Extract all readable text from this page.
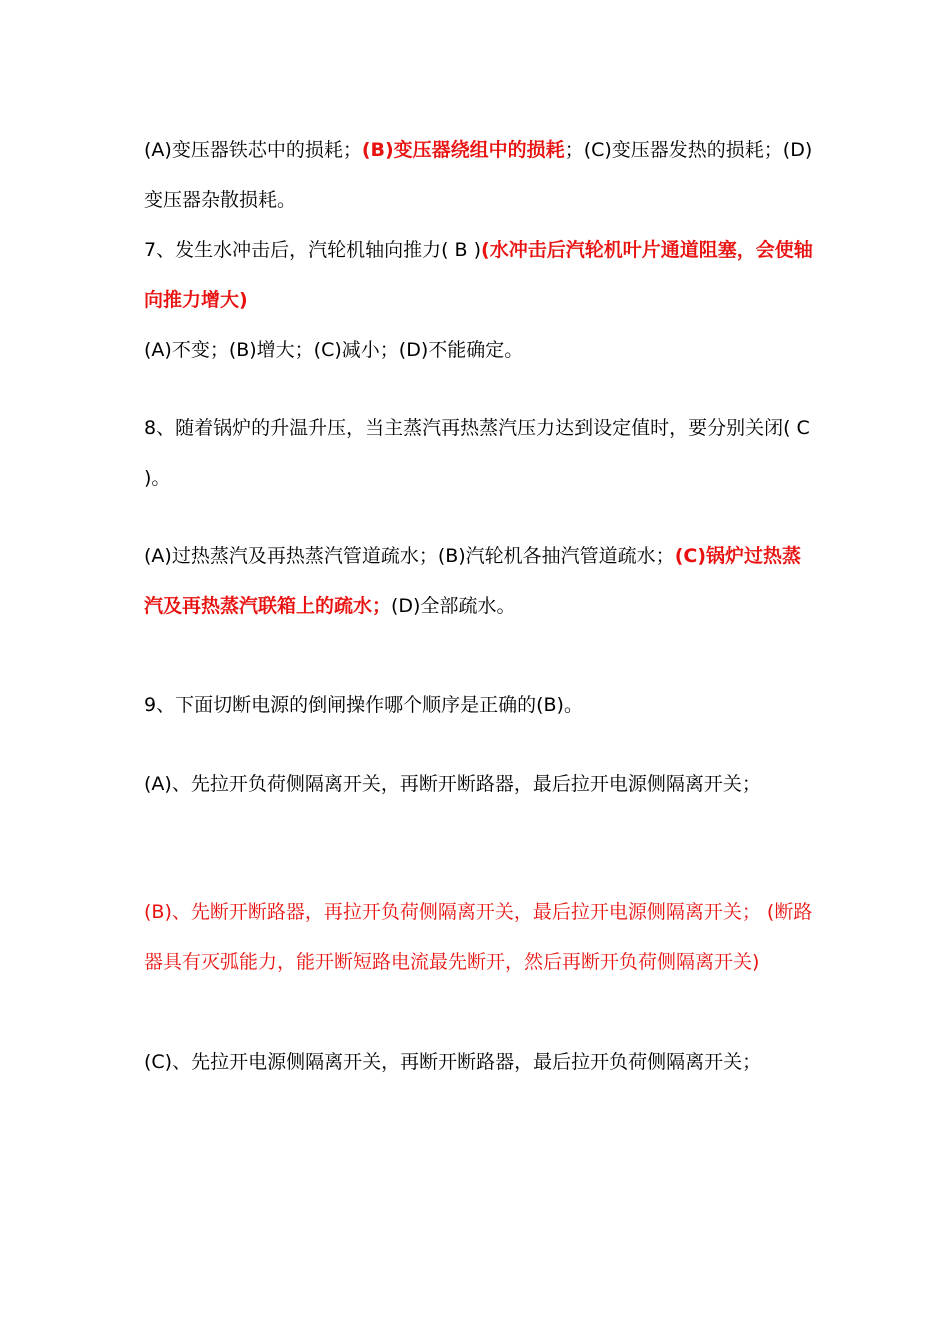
(A)变压器铁芯中的损耗；(B)变压器绕组中的损耗；(C)变压器发热的损耗；(D)变压器杂散损耗。

7、发生水冲击后，汽轮机轴向推力( B )(水冲击后汽轮机叶片通道阻塞，会使轴向推力增大)

(A)不变；(B)增大；(C)减小；(D)不能确定。

8、随着锅炉的升温升压，当主蒸汽再热蒸汽压力达到设定值时，要分别关闭( C )。

(A)过热蒸汽及再热蒸汽管道疏水；(B)汽轮机各抽汽管道疏水；(C)锅炉过热蒸汽及再热蒸汽联箱上的疏水；(D)全部疏水。

9、下面切断电源的倒闸操作哪个顺序是正确的(B)。

(A)、先拉开负荷侧隔离开关，再断开断路器，最后拉开电源侧隔离开关；

(B)、先断开断路器，再拉开负荷侧隔离开关，最后拉开电源侧隔离开关； (断路器具有灭弧能力，能开断短路电流最先断开，然后再断开负荷侧隔离开关)

(C)、先拉开电源侧隔离开关，再断开断路器，最后拉开负荷侧隔离开关；
